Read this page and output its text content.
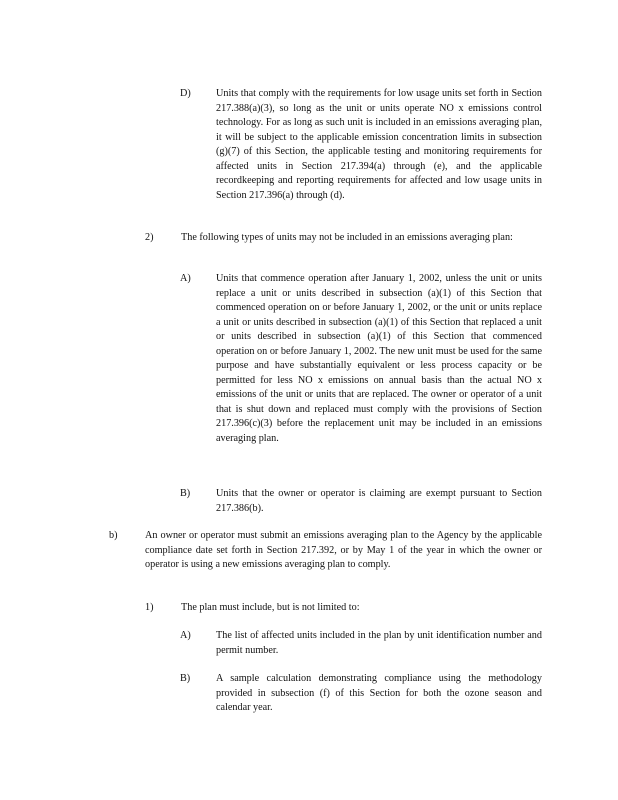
D) Units that comply with the requirements for low usage units set forth in Section 217.388(a)(3), so long as the unit or units operate NO x emissions control technology. For as long as such unit is included in an emissions averaging plan, it will be subject to the applicable emission concentration limits in subsection (g)(7) of this Section, the applicable testing and monitoring requirements for affected units in Section 217.394(a) through (e), and the applicable recordkeeping and reporting requirements for affected and low usage units in Section 217.396(a) through (d).
2)	The following types of units may not be included in an emissions averaging plan:
A) Units that commence operation after January 1, 2002, unless the unit or units replace a unit or units described in subsection (a)(1) of this Section that commenced operation on or before January 1, 2002, or the unit or units replace a unit or units described in subsection (a)(1) of this Section that replaced a unit or units described in subsection (a)(1) of this Section that commenced operation on or before January 1, 2002. The new unit must be used for the same purpose and have substantially equivalent or less process capacity or be permitted for less NO x emissions on annual basis than the actual NO x emissions of the unit or units that are replaced. The owner or operator of a unit that is shut down and replaced must comply with the provisions of Section 217.396(c)(3) before the replacement unit may be included in an emissions averaging plan.
B)	Units that the owner or operator is claiming are exempt pursuant to Section 217.386(b).
b)	An owner or operator must submit an emissions averaging plan to the Agency by the applicable compliance date set forth in Section 217.392, or by May 1 of the year in which the owner or operator is using a new emissions averaging plan to comply.
1)	The plan must include, but is not limited to:
A) The list of affected units included in the plan by unit identification number and permit number.
B)	A sample calculation demonstrating compliance using the methodology provided in subsection (f) of this Section for both the ozone season and calendar year.
